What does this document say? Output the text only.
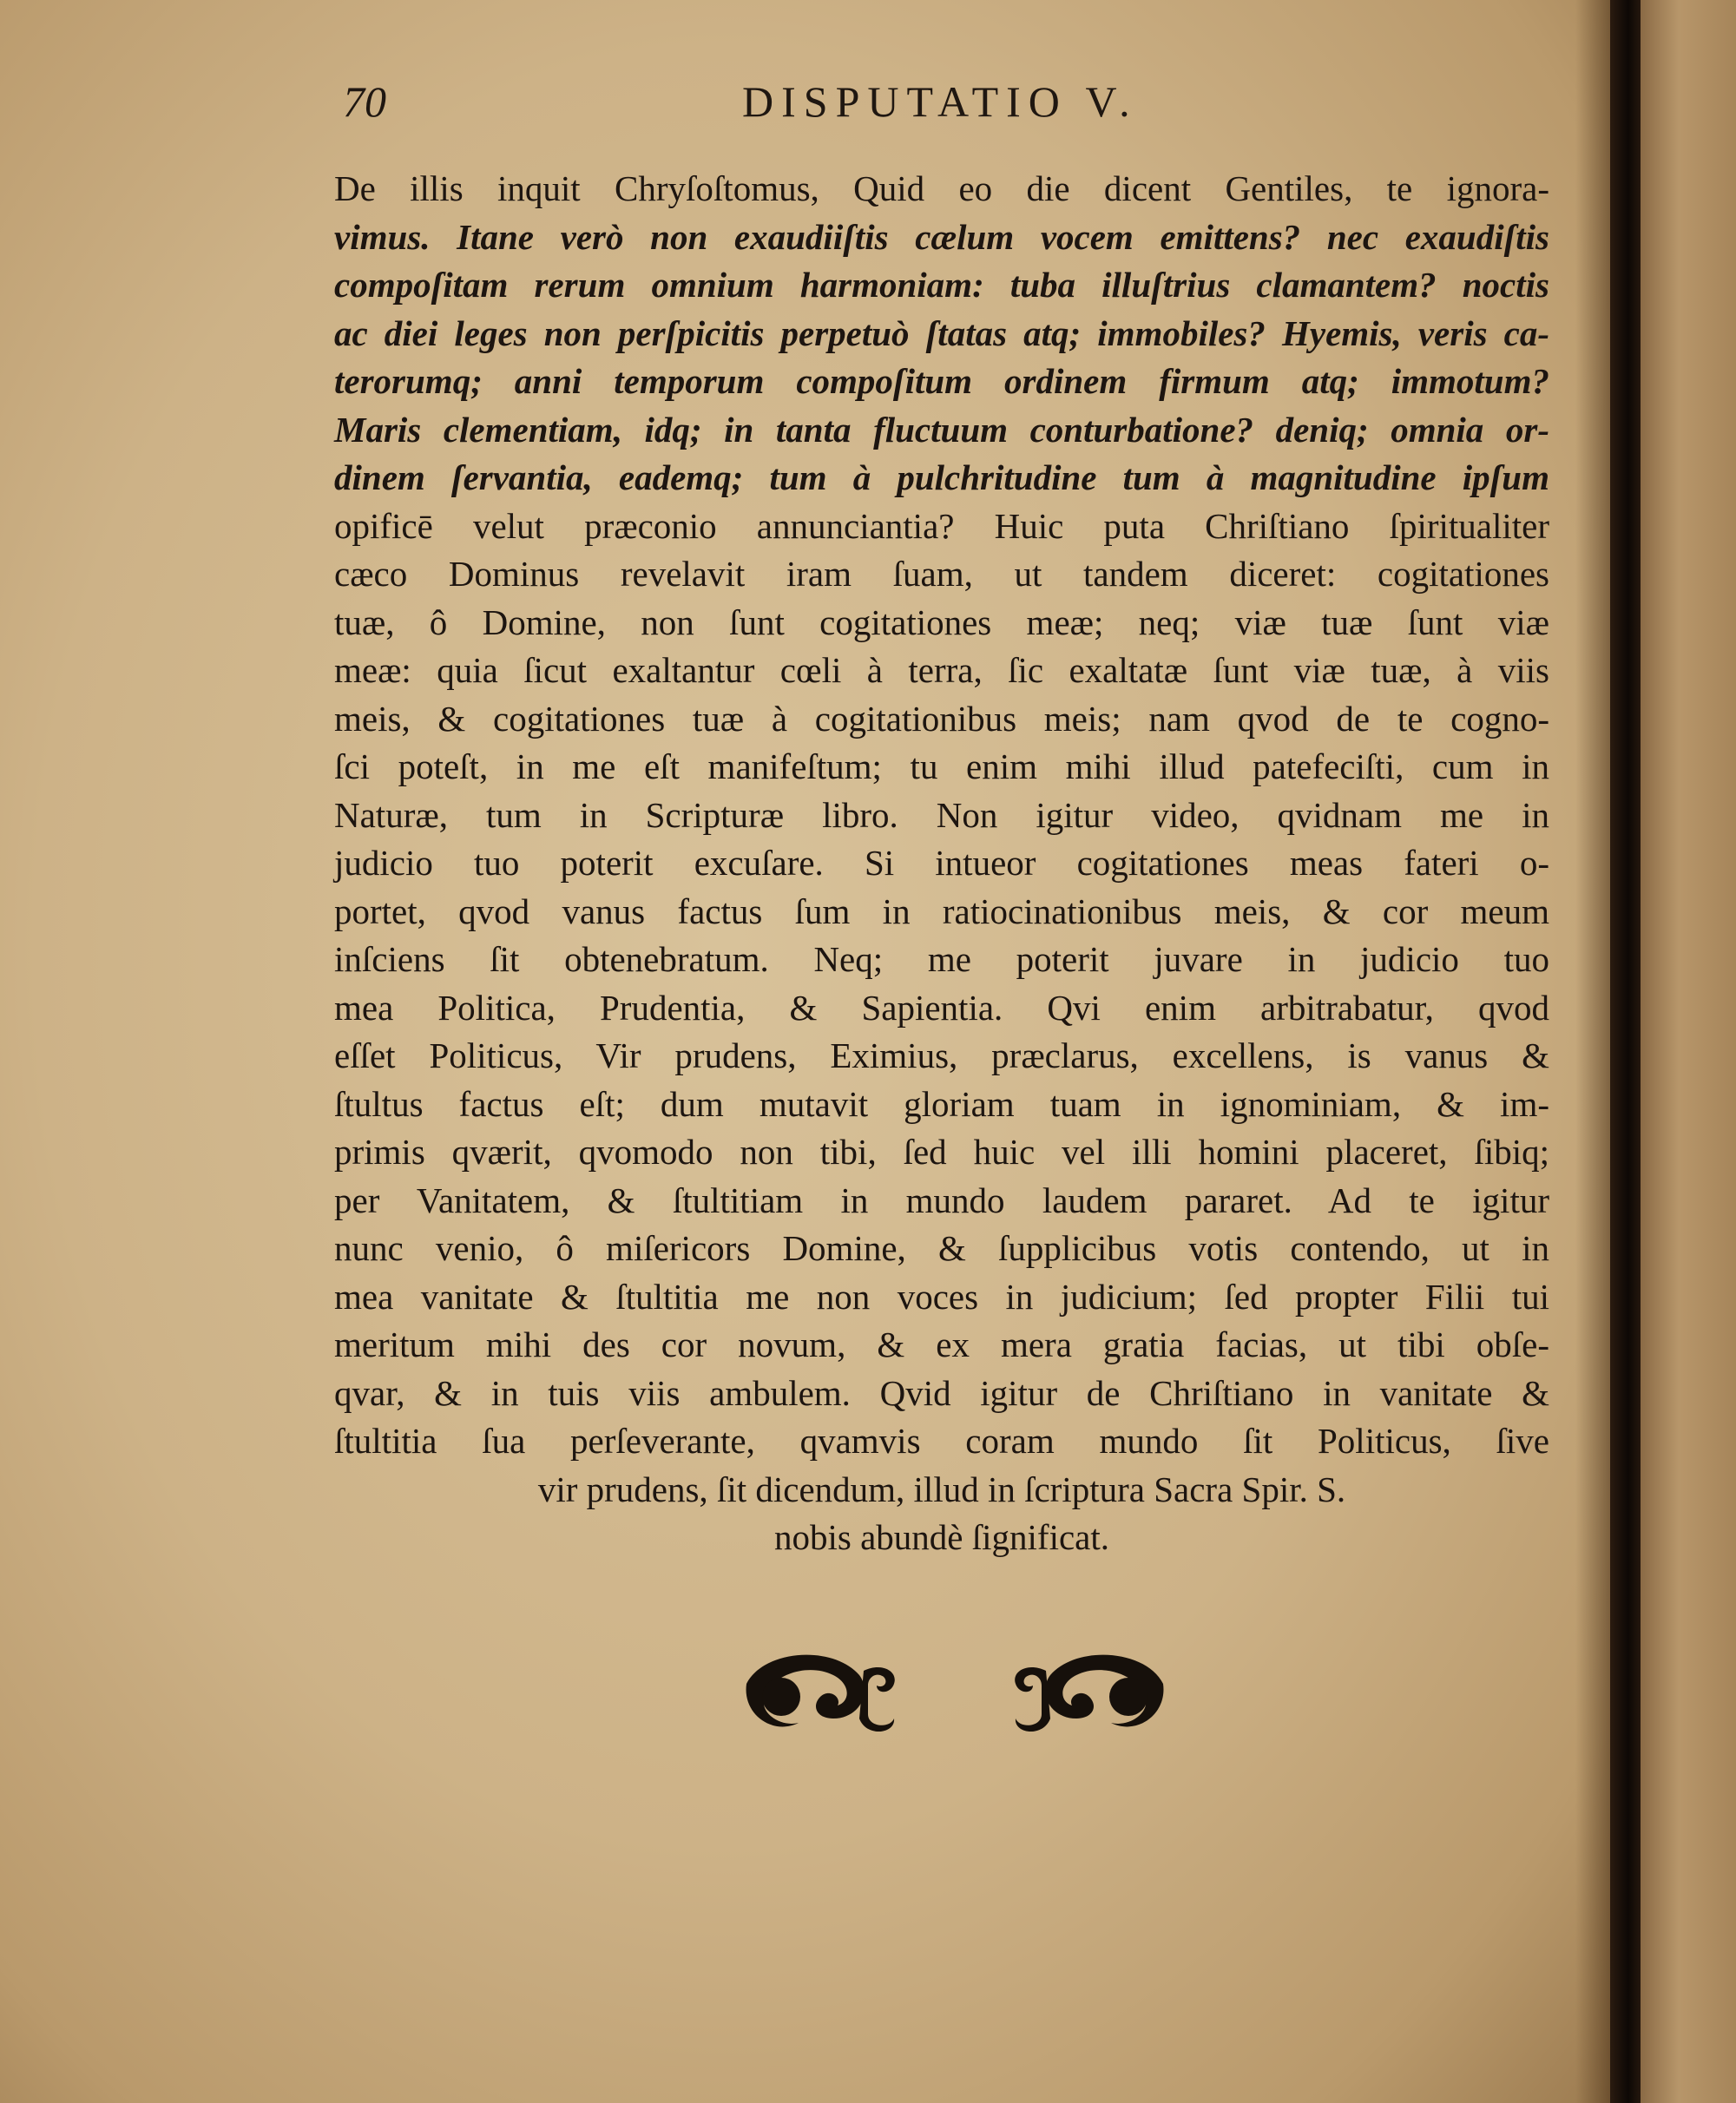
70	DISPUTATIO V.
De illis inquit Chryſoſtomus, Quid eo die dicent Gentiles, te ignora-
vimus. Itane verò non exaudiiſtis cælum vocem emittens? nec exaudiſtis
compoſitam rerum omnium harmoniam: tuba illuſtrius clamantem? noctis
ac diei leges non perſpicitis perpetuò ſtatas atq; immobiles? Hyemis, veris ca-
terorumq; anni temporum compoſitum ordinem firmum atq; immotum?
Maris clementiam, idq; in tanta fluctuum conturbatione? deniq; omnia or-
dinem ſervantia, eademq; tum à pulchritudine tum à magnitudine ipſum
opificē velut præconio annunciantia? Huic puta Chriſtiano ſpiritualiter
cæco Dominus revelavit iram ſuam, ut tandem diceret: cogitationes
tuæ, ô Domine, non ſunt cogitationes meæ; neq; viæ tuæ ſunt viæ
meæ: quia ſicut exaltantur cœli à terra, ſic exaltatæ ſunt viæ tuæ, à viis
meis, & cogitationes tuæ à cogitationibus meis; nam qvod de te cogno-
ſci poteſt, in me eſt manifeſtum; tu enim mihi illud patefeciſti, cum in
Naturæ, tum in Scripturæ libro. Non igitur video, qvidnam me in
judicio tuo poterit excuſare. Si intueor cogitationes meas fateri o-
portet, qvod vanus factus ſum in ratiocinationibus meis, & cor meum
inſciens ſit obtenebratum. Neq; me poterit juvare in judicio tuo
mea Politica, Prudentia, & Sapientia. Qvi enim arbitrabatur, qvod
eſſet Politicus, Vir prudens, Eximius, præclarus, excellens, is vanus &
ſtultus factus eſt; dum mutavit gloriam tuam in ignominiam, & im-
primis qværit, qvomodo non tibi, ſed huic vel illi homini placeret, ſibiq;
per Vanitatem, & ſtultitiam in mundo laudem pararet. Ad te igitur
nunc venio, ô miſericors Domine, & ſupplicibus votis contendo, ut in
mea vanitate & ſtultitia me non voces in judicium; ſed propter Filii tui
meritum mihi des cor novum, & ex mera gratia facias, ut tibi obſe-
qvar, & in tuis viis ambulem. Qvid igitur de Chriſtiano in vanitate &
ſtultitia ſua perſeverante, qvamvis coram mundo ſit Politicus, ſive
vir prudens, ſit dicendum, illud in ſcriptura Sacra Spir. S.
nobis abundè ſignificat.
